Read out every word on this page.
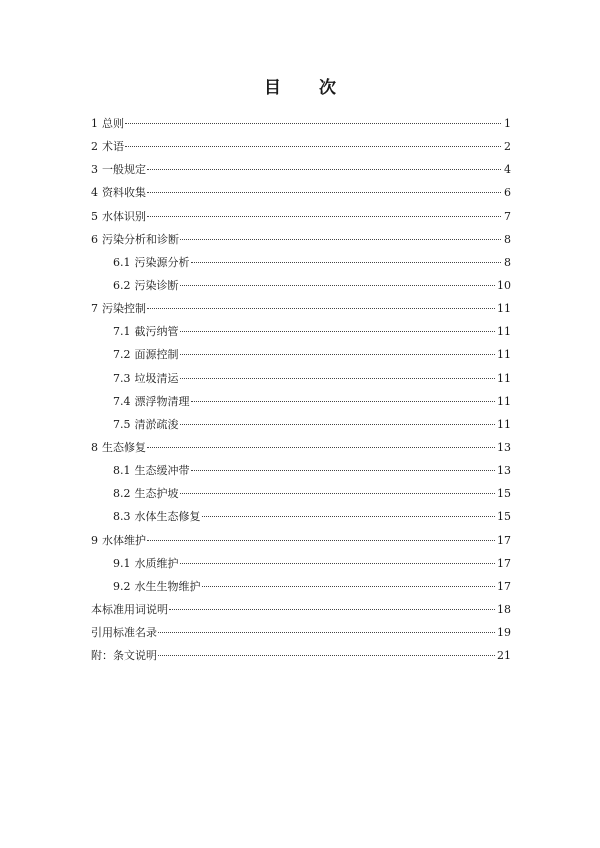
目 次
1 总则	1
2 术语	2
3 一般规定	4
4 资料收集	6
5 水体识别	7
6 污染分析和诊断	8
6.1 污染源分析	8
6.2 污染诊断	10
7 污染控制	11
7.1 截污纳管	11
7.2 面源控制	11
7.3 垃圾清运	11
7.4 漂浮物清理	11
7.5 清淤疏浚	11
8 生态修复	13
8.1 生态缓冲带	13
8.2 生态护坡	15
8.3 水体生态修复	15
9 水体维护	17
9.1 水质维护	17
9.2 水生生物维护	17
本标准用词说明	18
引用标准名录	19
附：条文说明	21
